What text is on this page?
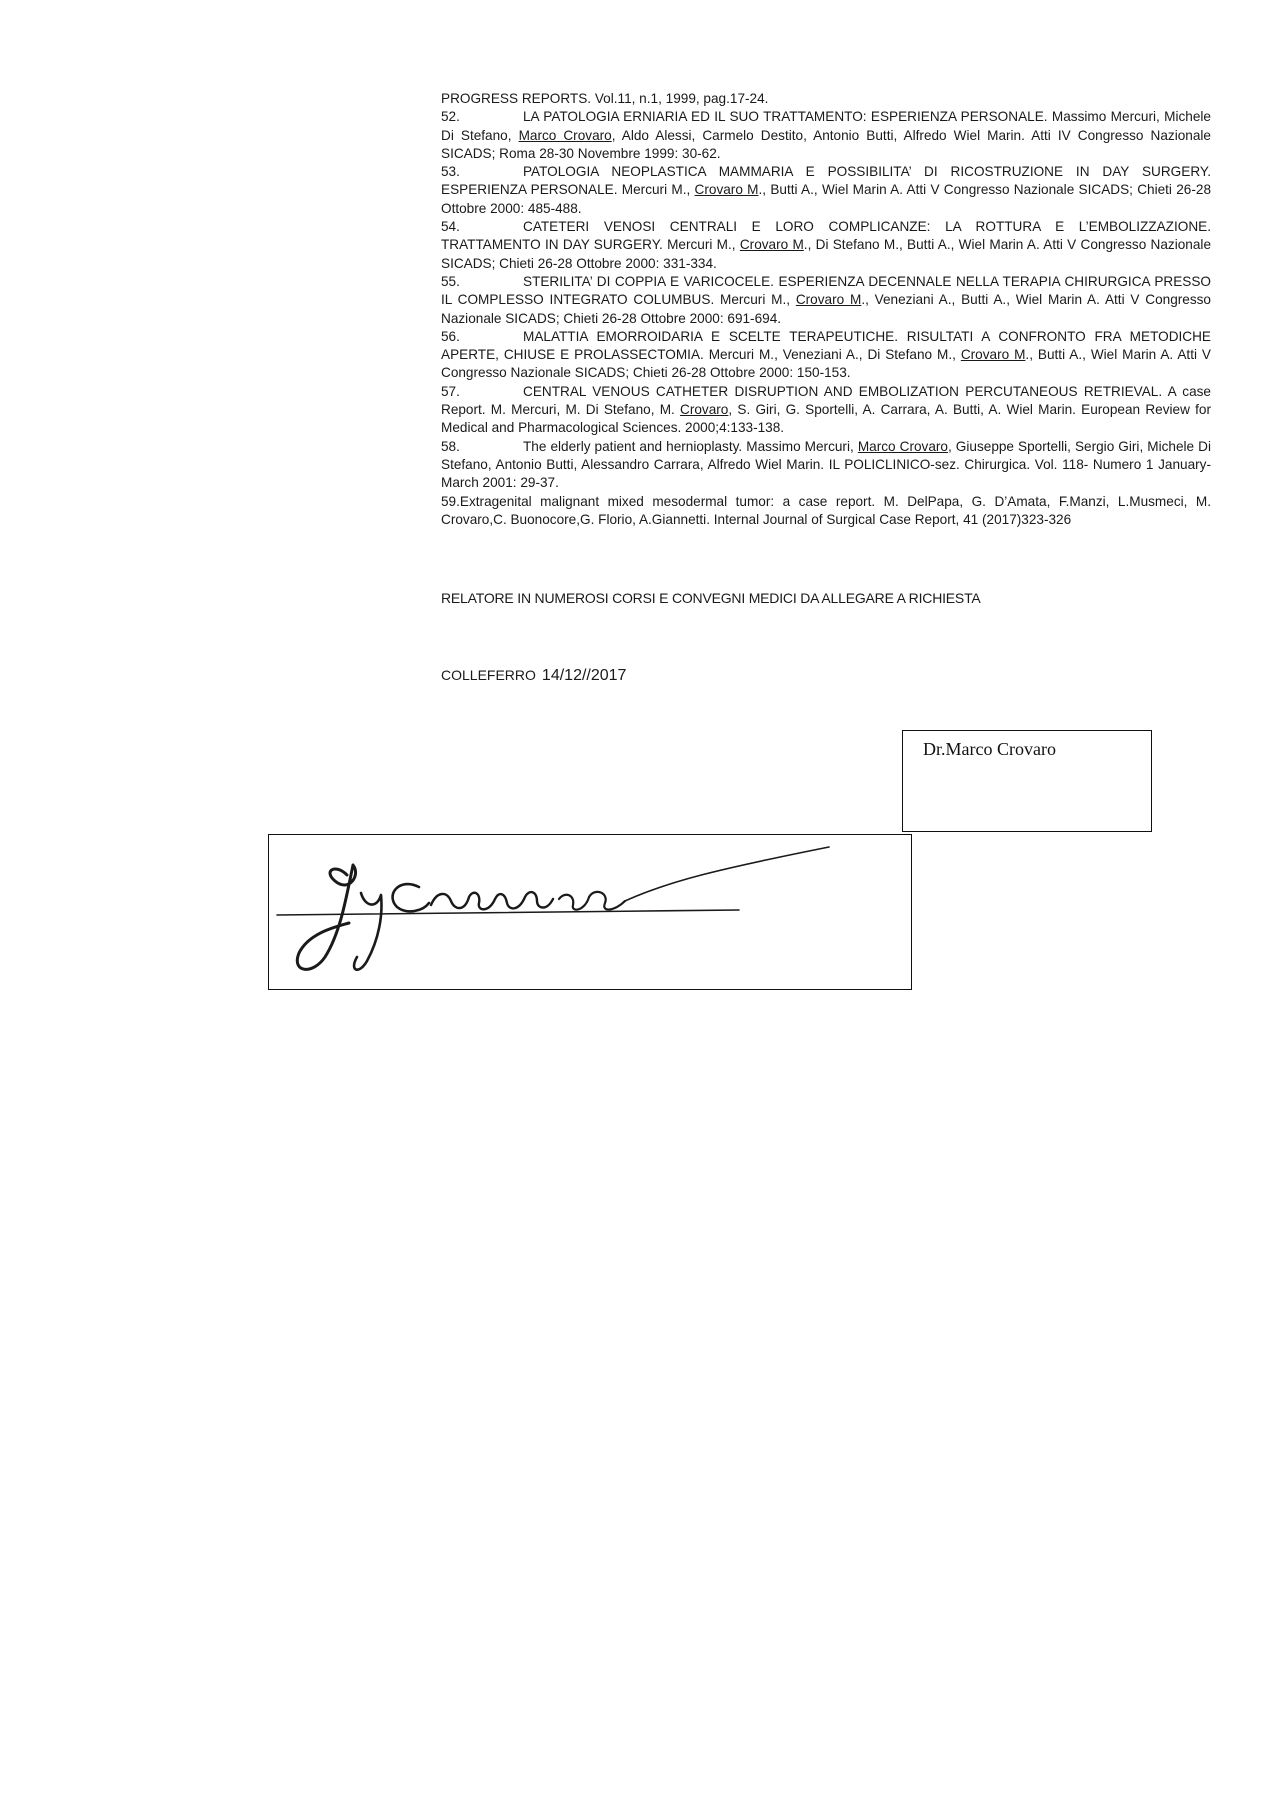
PROGRESS REPORTS. Vol.11, n.1, 1999, pag.17-24.

52.	LA PATOLOGIA ERNIARIA ED IL SUO TRATTAMENTO: ESPERIENZA PERSONALE. Massimo Mercuri, Michele Di Stefano, Marco Crovaro, Aldo Alessi, Carmelo Destito, Antonio Butti, Alfredo Wiel Marin. Atti IV Congresso Nazionale SICADS; Roma 28-30 Novembre 1999: 30-62.

53.	PATOLOGIA NEOPLASTICA MAMMARIA E POSSIBILITA’ DI RICOSTRUZIONE IN DAY SURGERY. ESPERIENZA PERSONALE. Mercuri M., Crovaro M., Butti A., Wiel Marin A. Atti V Congresso Nazionale SICADS; Chieti 26-28 Ottobre 2000: 485-488.

54.	CATETERI VENOSI CENTRALI E LORO COMPLICANZE: LA ROTTURA E L’EMBOLIZZAZIONE. TRATTAMENTO IN DAY SURGERY. Mercuri M., Crovaro M., Di Stefano M., Butti A., Wiel Marin A. Atti V Congresso Nazionale SICADS; Chieti 26-28 Ottobre 2000: 331-334.

55.	STERILITA’ DI COPPIA E VARICOCELE. ESPERIENZA DECENNALE NELLA TERAPIA CHIRURGICA PRESSO IL COMPLESSO INTEGRATO COLUMBUS. Mercuri M., Crovaro M., Veneziani A., Butti A., Wiel Marin A. Atti V Congresso Nazionale SICADS; Chieti 26-28 Ottobre 2000: 691-694.

56.	MALATTIA EMORROIDARIA E SCELTE TERAPEUTICHE. RISULTATI A CONFRONTO FRA METODICHE APERTE, CHIUSE E PROLASSECTOMIA. Mercuri M., Veneziani A., Di Stefano M., Crovaro M., Butti A., Wiel Marin A. Atti V Congresso Nazionale SICADS; Chieti 26-28 Ottobre 2000: 150-153.

57.	CENTRAL VENOUS CATHETER DISRUPTION AND EMBOLIZATION PERCUTANEOUS RETRIEVAL. A case Report. M. Mercuri, M. Di Stefano, M. Crovaro, S. Giri, G. Sportelli, A. Carrara, A. Butti, A. Wiel Marin. European Review for Medical and Pharmacological Sciences. 2000;4:133-138.

58.	The elderly patient and hernioplasty. Massimo Mercuri, Marco Crovaro, Giuseppe Sportelli, Sergio Giri, Michele Di Stefano, Antonio Butti, Alessandro Carrara, Alfredo Wiel Marin. IL POLICLINICO-sez. Chirurgica. Vol. 118- Numero 1 January-March 2001: 29-37.

59.Extragenital malignant mixed mesodermal tumor: a case report. M. DelPapa, G. D’Amata, F.Manzi, L.Musmeci, M. Crovaro,C. Buonocore,G. Florio, A.Giannetti. Internal Journal of Surgical Case Report, 41 (2017)323-326

RELATORE IN NUMEROSI CORSI E CONVEGNI MEDICI DA ALLEGARE A RICHIESTA
COLLEFERRO 14/12//2017
Dr.Marco Crovaro
